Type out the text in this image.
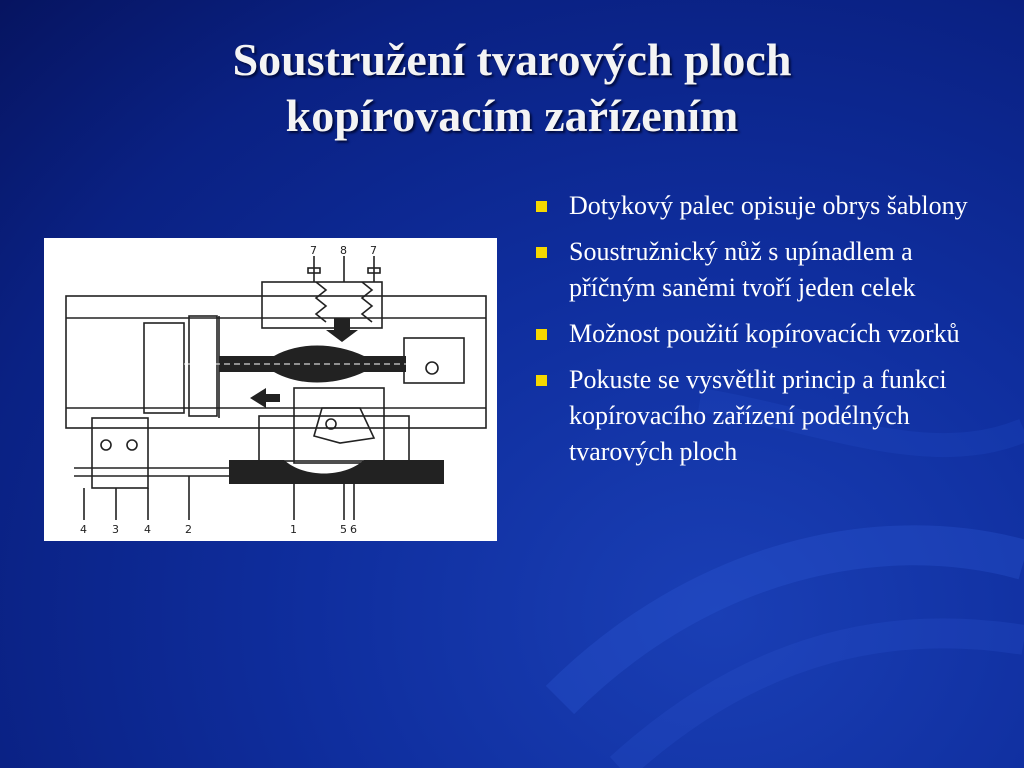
Soustružení tvarových ploch
kopírovacím zařízením
7 8 7
4 3 4	2	1	5 6
Dotykový palec opisuje obrys šablony
Soustružnický nůž s upínadlem a příčným saněmi tvoří jeden celek
Možnost použití kopírovacích vzorků
Pokuste se vysvětlit princip a funkci kopírovacího zařízení podélných tvarových ploch
